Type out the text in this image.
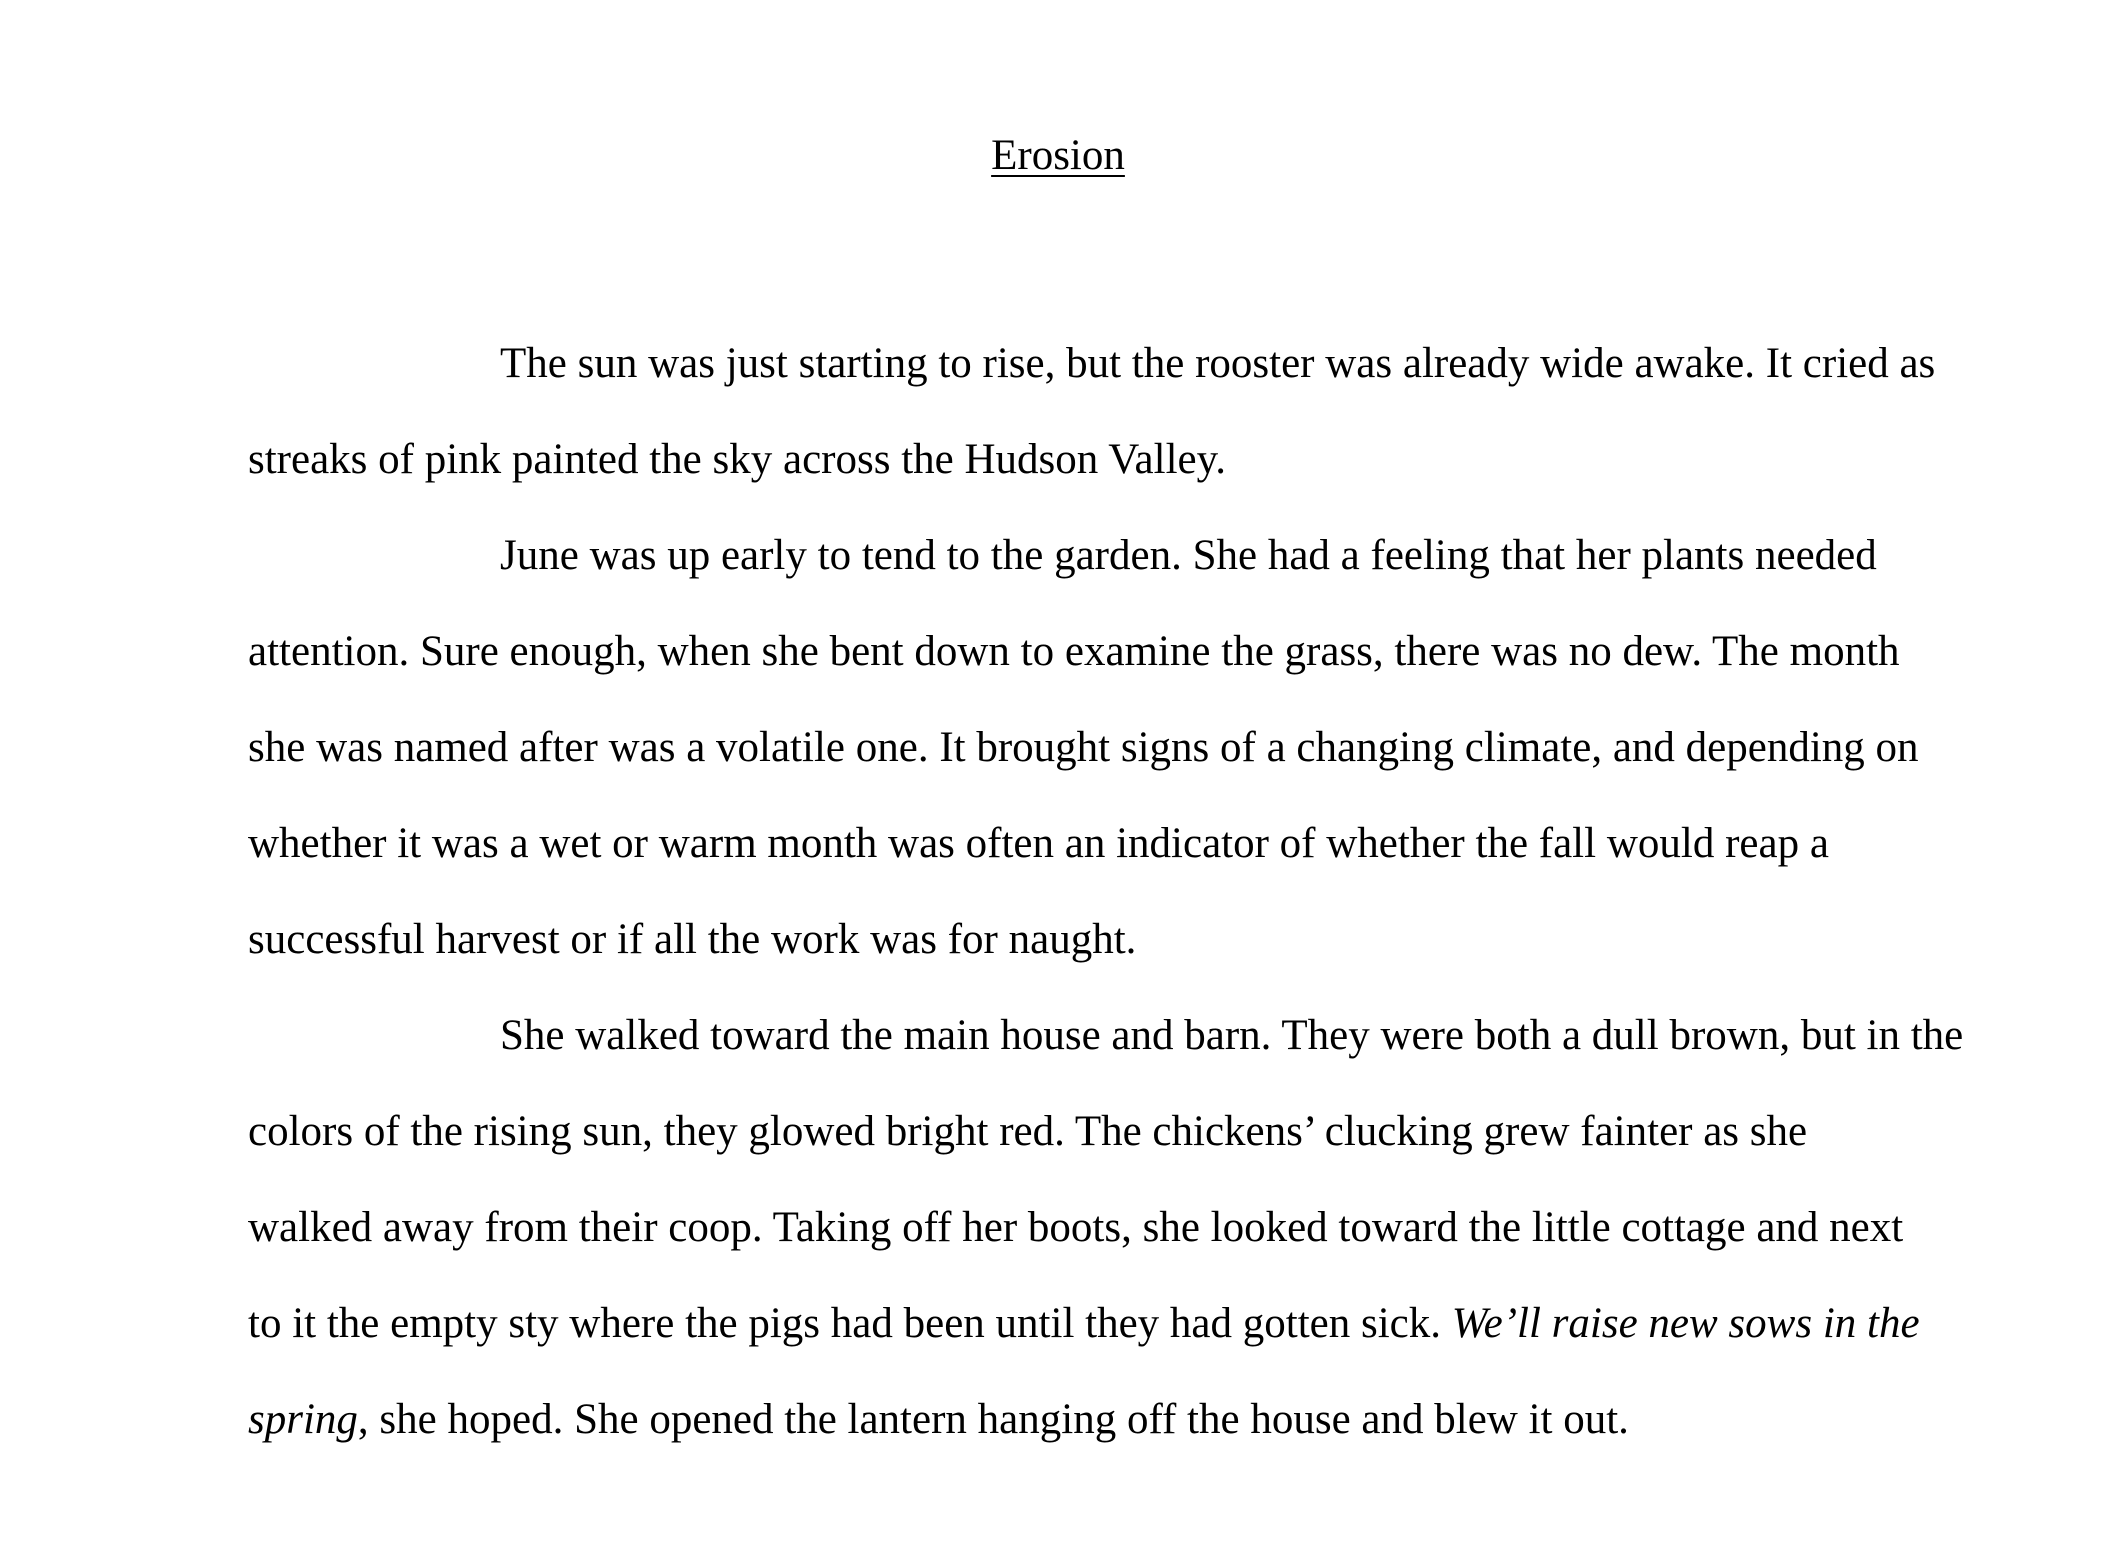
Erosion
The sun was just starting to rise, but the rooster was already wide awake. It cried as
streaks of pink painted the sky across the Hudson Valley.
June was up early to tend to the garden. She had a feeling that her plants needed
attention. Sure enough, when she bent down to examine the grass, there was no dew. The month
she was named after was a volatile one. It brought signs of a changing climate, and depending on
whether it was a wet or warm month was often an indicator of whether the fall would reap a
successful harvest or if all the work was for naught.
She walked toward the main house and barn. They were both a dull brown, but in the
colors of the rising sun, they glowed bright red. The chickens’ clucking grew fainter as she
walked away from their coop. Taking off her boots, she looked toward the little cottage and next
to it the empty sty where the pigs had been until they had gotten sick. We’ll raise new sows in the
spring, she hoped. She opened the lantern hanging off the house and blew it out.
